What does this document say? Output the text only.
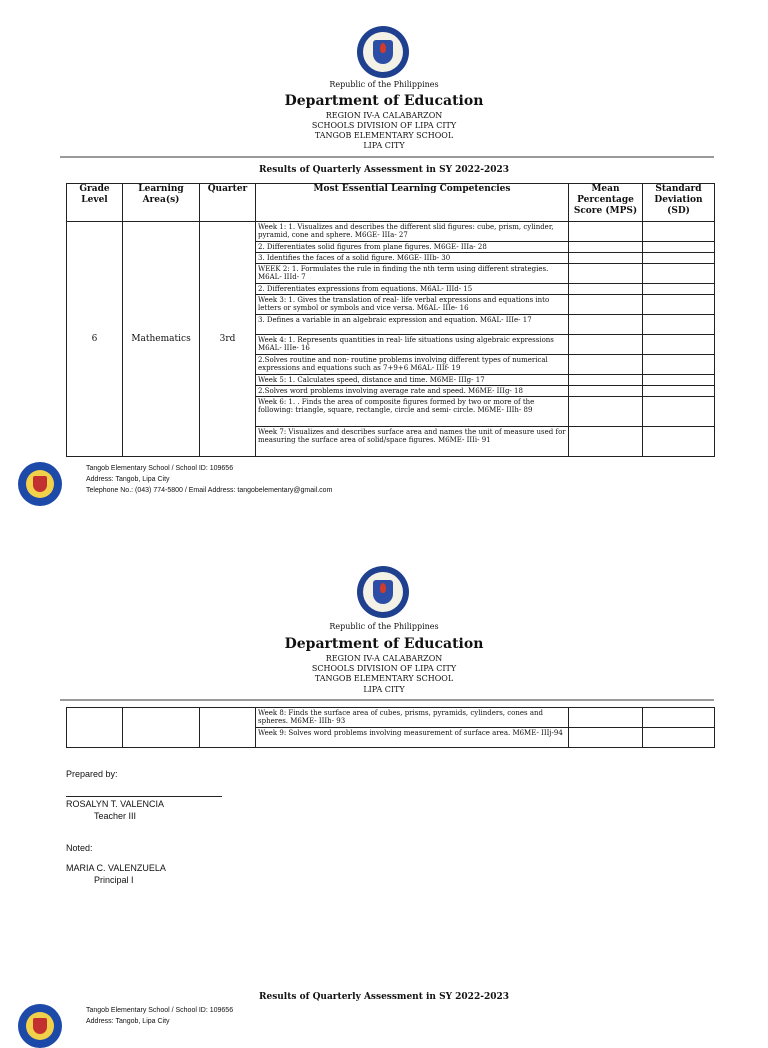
Republic of the Philippines
Department of Education
REGION IV-A CALABARZON
SCHOOLS DIVISION OF LIPA CITY
TANGOB ELEMENTARY SCHOOL
LIPA CITY
Results of Quarterly Assessment in SY 2022-2023
Grade Level	Learning Area(s)	Quarter	Most Essential Learning Competencies	Mean Percentage Score (MPS)	Standard Deviation (SD)
6	Mathematics	3rd	Week 1: 1. Visualizes and describes the different slid figures: cube, prism, cylinder, pyramid, cone and sphere. M6GE- IIIa- 27		
			2. Differentiates solid figures from plane figures. M6GE- IIIa- 28		
			3. Identifies the faces of a solid figure. M6GE- IIIb- 30		
			WEEK 2: 1. Formulates the rule in finding the nth term using different strategies. M6AL- IIId- 7		
			2. Differentiates expressions from equations. M6AL- IIId- 15		
			Week 3: 1. Gives the translation of real- life verbal expressions and equations into letters or symbol or symbols and vice versa. M6AL- IIIe- 16		
			3. Defines a variable in an algebraic expression and equation. M6AL- IIIe- 17		
			Week 4: 1. Represents quantities in real- life situations using algebraic expressions M6AL- IIIe- 16		
			2.Solves routine and non- routine problems involving different types of numerical expressions and equations such as 7+9+6 M6AL- IIIf- 19		
			Week 5: 1. Calculates speed, distance and time. M6ME- IIIg- 17		
			2.Solves word problems involving average rate and speed. M6ME- IIIg- 18		
			Week 6: 1. . Finds the area of composite figures formed by two or more of the following: triangle, square, rectangle, circle and semi- circle. M6ME- IIIh- 89		
			Week 7: Visualizes and describes surface area and names the unit of measure used for measuring the surface area of solid/space figures. M6ME- IIIi- 91		
Tangob Elementary School / School ID: 109656
Address: Tangob, Lipa City
Telephone No.: (043) 774-5800 / Email Address: tangobelementary@gmail.com
Republic of the Philippines
Department of Education
REGION IV-A CALABARZON
SCHOOLS DIVISION OF LIPA CITY
TANGOB ELEMENTARY SCHOOL
LIPA CITY
			Week 8: Finds the surface area of cubes, prisms, pyramids, cylinders, cones and spheres. M6ME- IIIh- 93		
			Week 9: Solves word problems involving measurement of surface area. M6ME- IIIj-94		
Prepared by:
ROSALYN T. VALENCIA
Teacher III
Noted:
MARIA C. VALENZUELA
Principal I
Results of Quarterly Assessment in SY 2022-2023
Tangob Elementary School / School ID: 109656
Address: Tangob, Lipa City
